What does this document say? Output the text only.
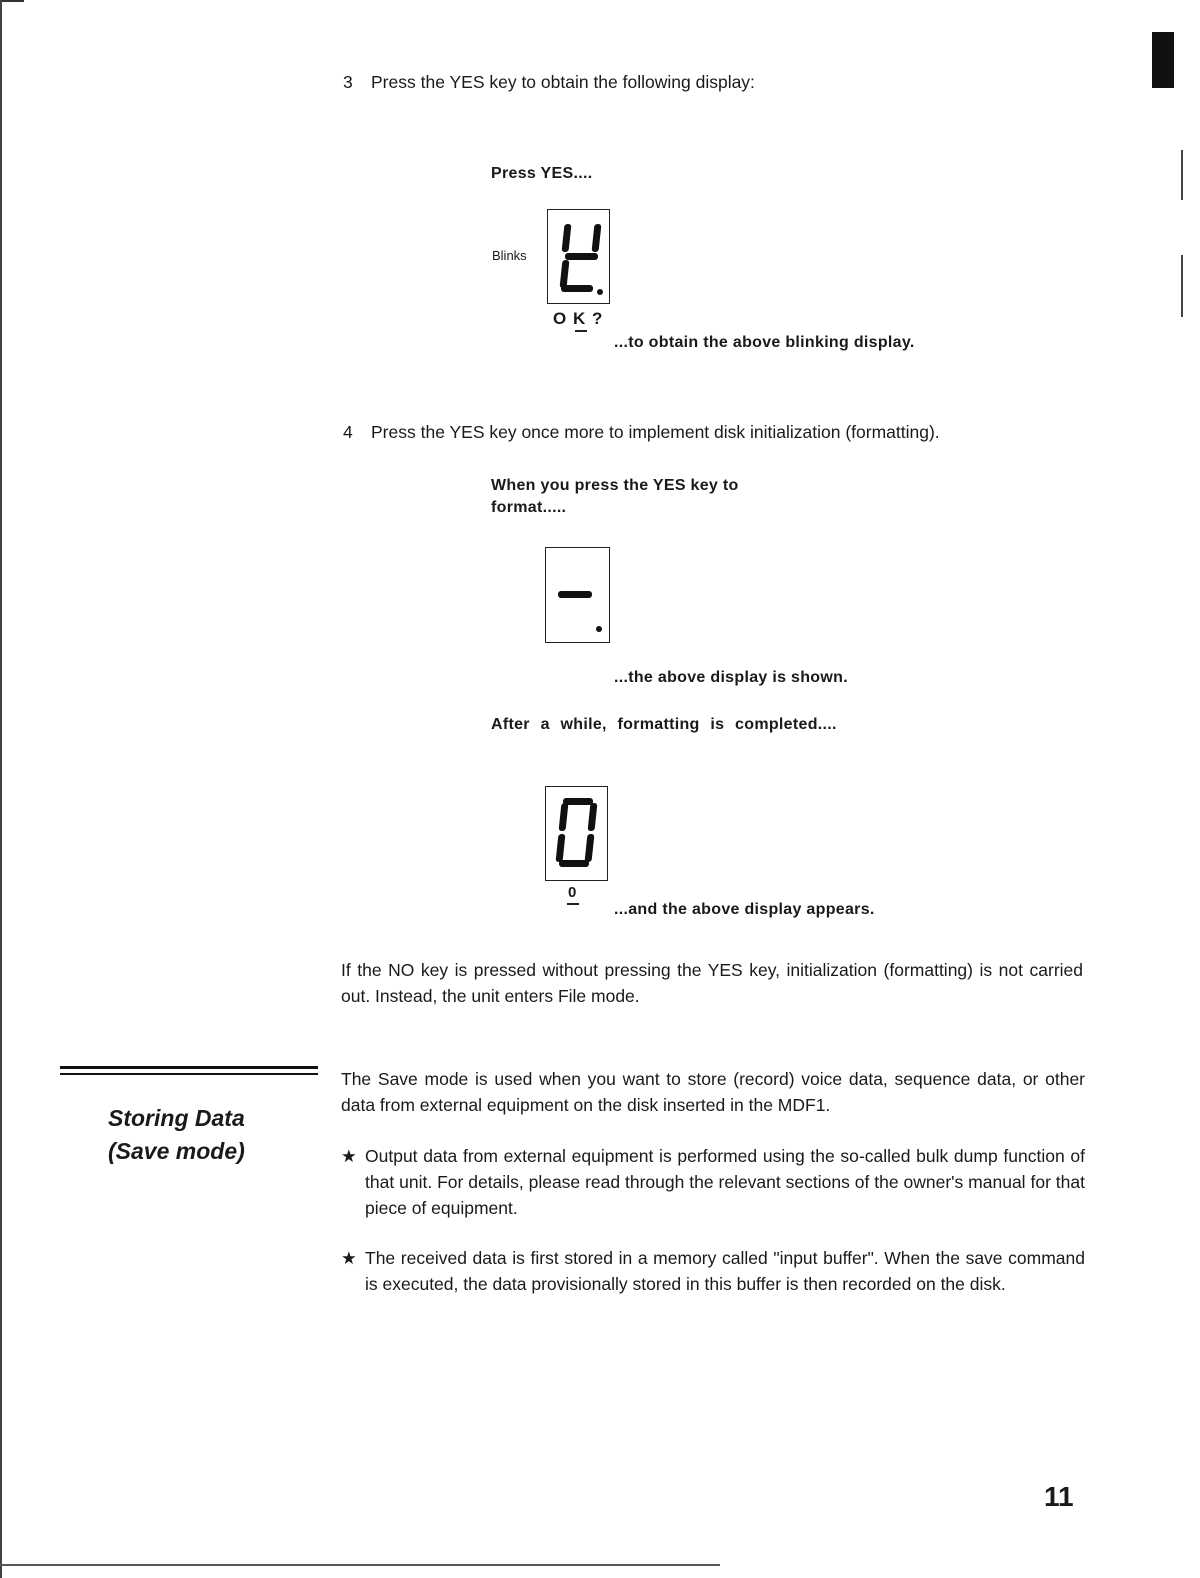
3 Press the YES key to obtain the following display:
Press YES....
Blinks
O K ?
...to obtain the above blinking display.
4 Press the YES key once more to implement disk initialization (formatting).
When you press the YES key to format.....
...the above display is shown.
After a while, formatting is completed....
0
...and the above display appears.
If the NO key is pressed without pressing the YES key, initialization (formatting) is not carried out. Instead, the unit enters File mode.
Storing Data
(Save mode)
The Save mode is used when you want to store (record) voice data, sequence data, or other data from external equipment on the disk inserted in the MDF1.
★ Output data from external equipment is performed using the so-called bulk dump function of that unit. For details, please read through the relevant sections of the owner's manual for that piece of equipment.
★ The received data is first stored in a memory called "input buffer". When the save command is executed, the data provisionally stored in this buffer is then recorded on the disk.
11
